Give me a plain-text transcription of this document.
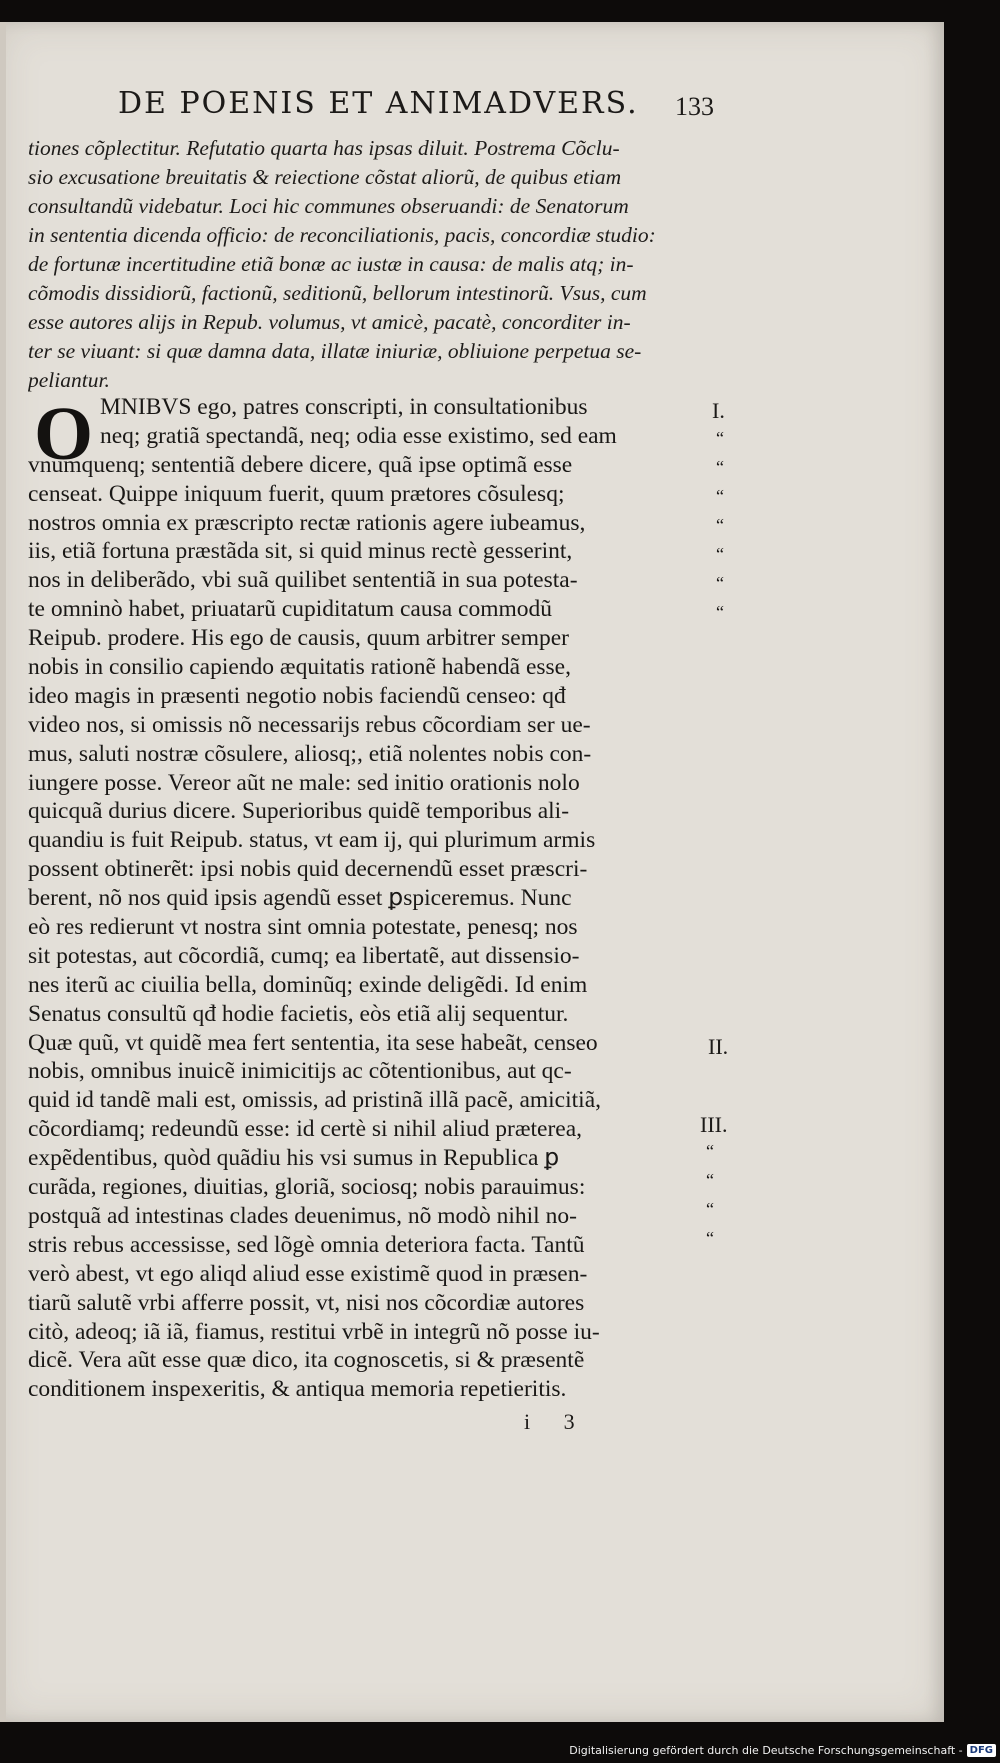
DE POENIS ET ANIMADVERS.	133
tiones cõplectitur. Refutatio quarta has ipsas diluit. Postrema Cõclu-
sio excusatione breuitatis & reiectione cõstat aliorũ, de quibus etiam
consultandũ videbatur. Loci hic communes obseruandi: de Senatorum
in sententia dicenda officio: de reconciliationis, pacis, concordiæ studio:
de fortunæ incertitudine etiã bonæ ac iustæ in causa: de malis atq; in-
cõmodis dissidiorũ, factionũ, seditionũ, bellorum intestinorũ. Vsus, cum
esse autores alijs in Repub. volumus, vt amicè, pacatè, concorditer in-
ter se viuant: si quæ damna data, illatæ iniuriæ, obliuione perpetua se-
peliantur.
O MNIBVS ego, patres conscripti, in consultationibus
neq; gratiã spectandã, neq; odia esse existimo, sed eam
vnumquenq; sententiã debere dicere, quã ipse optimã esse
censeat. Quippe iniquum fuerit, quum prætores cõsulesq;
nostros omnia ex præscripto rectæ rationis agere iubeamus,
iis, etiã fortuna præstãda sit, si quid minus rectè gesserint,
nos in deliberãdo, vbi suã quilibet sententiã in sua potesta-
te omninò habet, priuatarũ cupiditatum causa commodũ
Reipub. prodere. His ego de causis, quum arbitrer semper
nobis in consilio capiendo æquitatis rationẽ habendã esse,
ideo magis in præsenti negotio nobis faciendũ censeo: qđ
video nos, si omissis nõ necessarijs rebus cõcordiam ser ue-
mus, saluti nostræ cõsulere, aliosq;, etiã nolentes nobis con-
iungere posse. Vereor aũt ne male: sed initio orationis nolo
quicquã durius dicere. Superioribus quidẽ temporibus ali-
quandiu is fuit Reipub. status, vt eam ij, qui plurimum armis
possent obtinerẽt: ipsi nobis quid decernendũ esset præscri-
berent, nõ nos quid ipsis agendũ esset ꝑspiceremus. Nunc
eò res redierunt vt nostra sint omnia potestate, penesq; nos
sit potestas, aut cõcordiã, cumq; ea libertatẽ, aut dissensio-
nes iterũ ac ciuilia bella, dominũq; exinde deligẽdi. Id enim
Senatus consultũ qđ hodie facietis, eòs etiã alij sequentur.
Quæ quũ, vt quidẽ mea fert sententia, ita sese habeãt, censeo
nobis, omnibus inuicẽ inimicitijs ac cõtentionibus, aut qc-
quid id tandẽ mali est, omissis, ad pristinã illã pacẽ, amicitiã,
cõcordiamq; redeundũ esse: id certè si nihil aliud præterea,
expẽdentibus, quòd quãdiu his vsi sumus in Republica ꝑ
curãda, regiones, diuitias, gloriã, sociosq; nobis parauimus:
postquã ad intestinas clades deuenimus, nõ modò nihil no-
stris rebus accessisse, sed lõgè omnia deteriora facta. Tantũ
verò abest, vt ego aliqd aliud esse existimẽ quod in præsen-
tiarũ salutẽ vrbi afferre possit, vt, nisi nos cõcordiæ autores
citò, adeoq; iã iã, fiamus, restitui vrbẽ in integrũ nõ posse iu-
dicẽ. Vera aũt esse quæ dico, ita cognoscetis, si & præsentẽ
conditionem inspexeritis, & antiqua memoria repetieritis.
I.
II.
III.
“
“
“
“
“
“
“
“
“
“
“
i 3
Digitalisierung gefördert durch die Deutsche Forschungsgemeinschaft - DFG
